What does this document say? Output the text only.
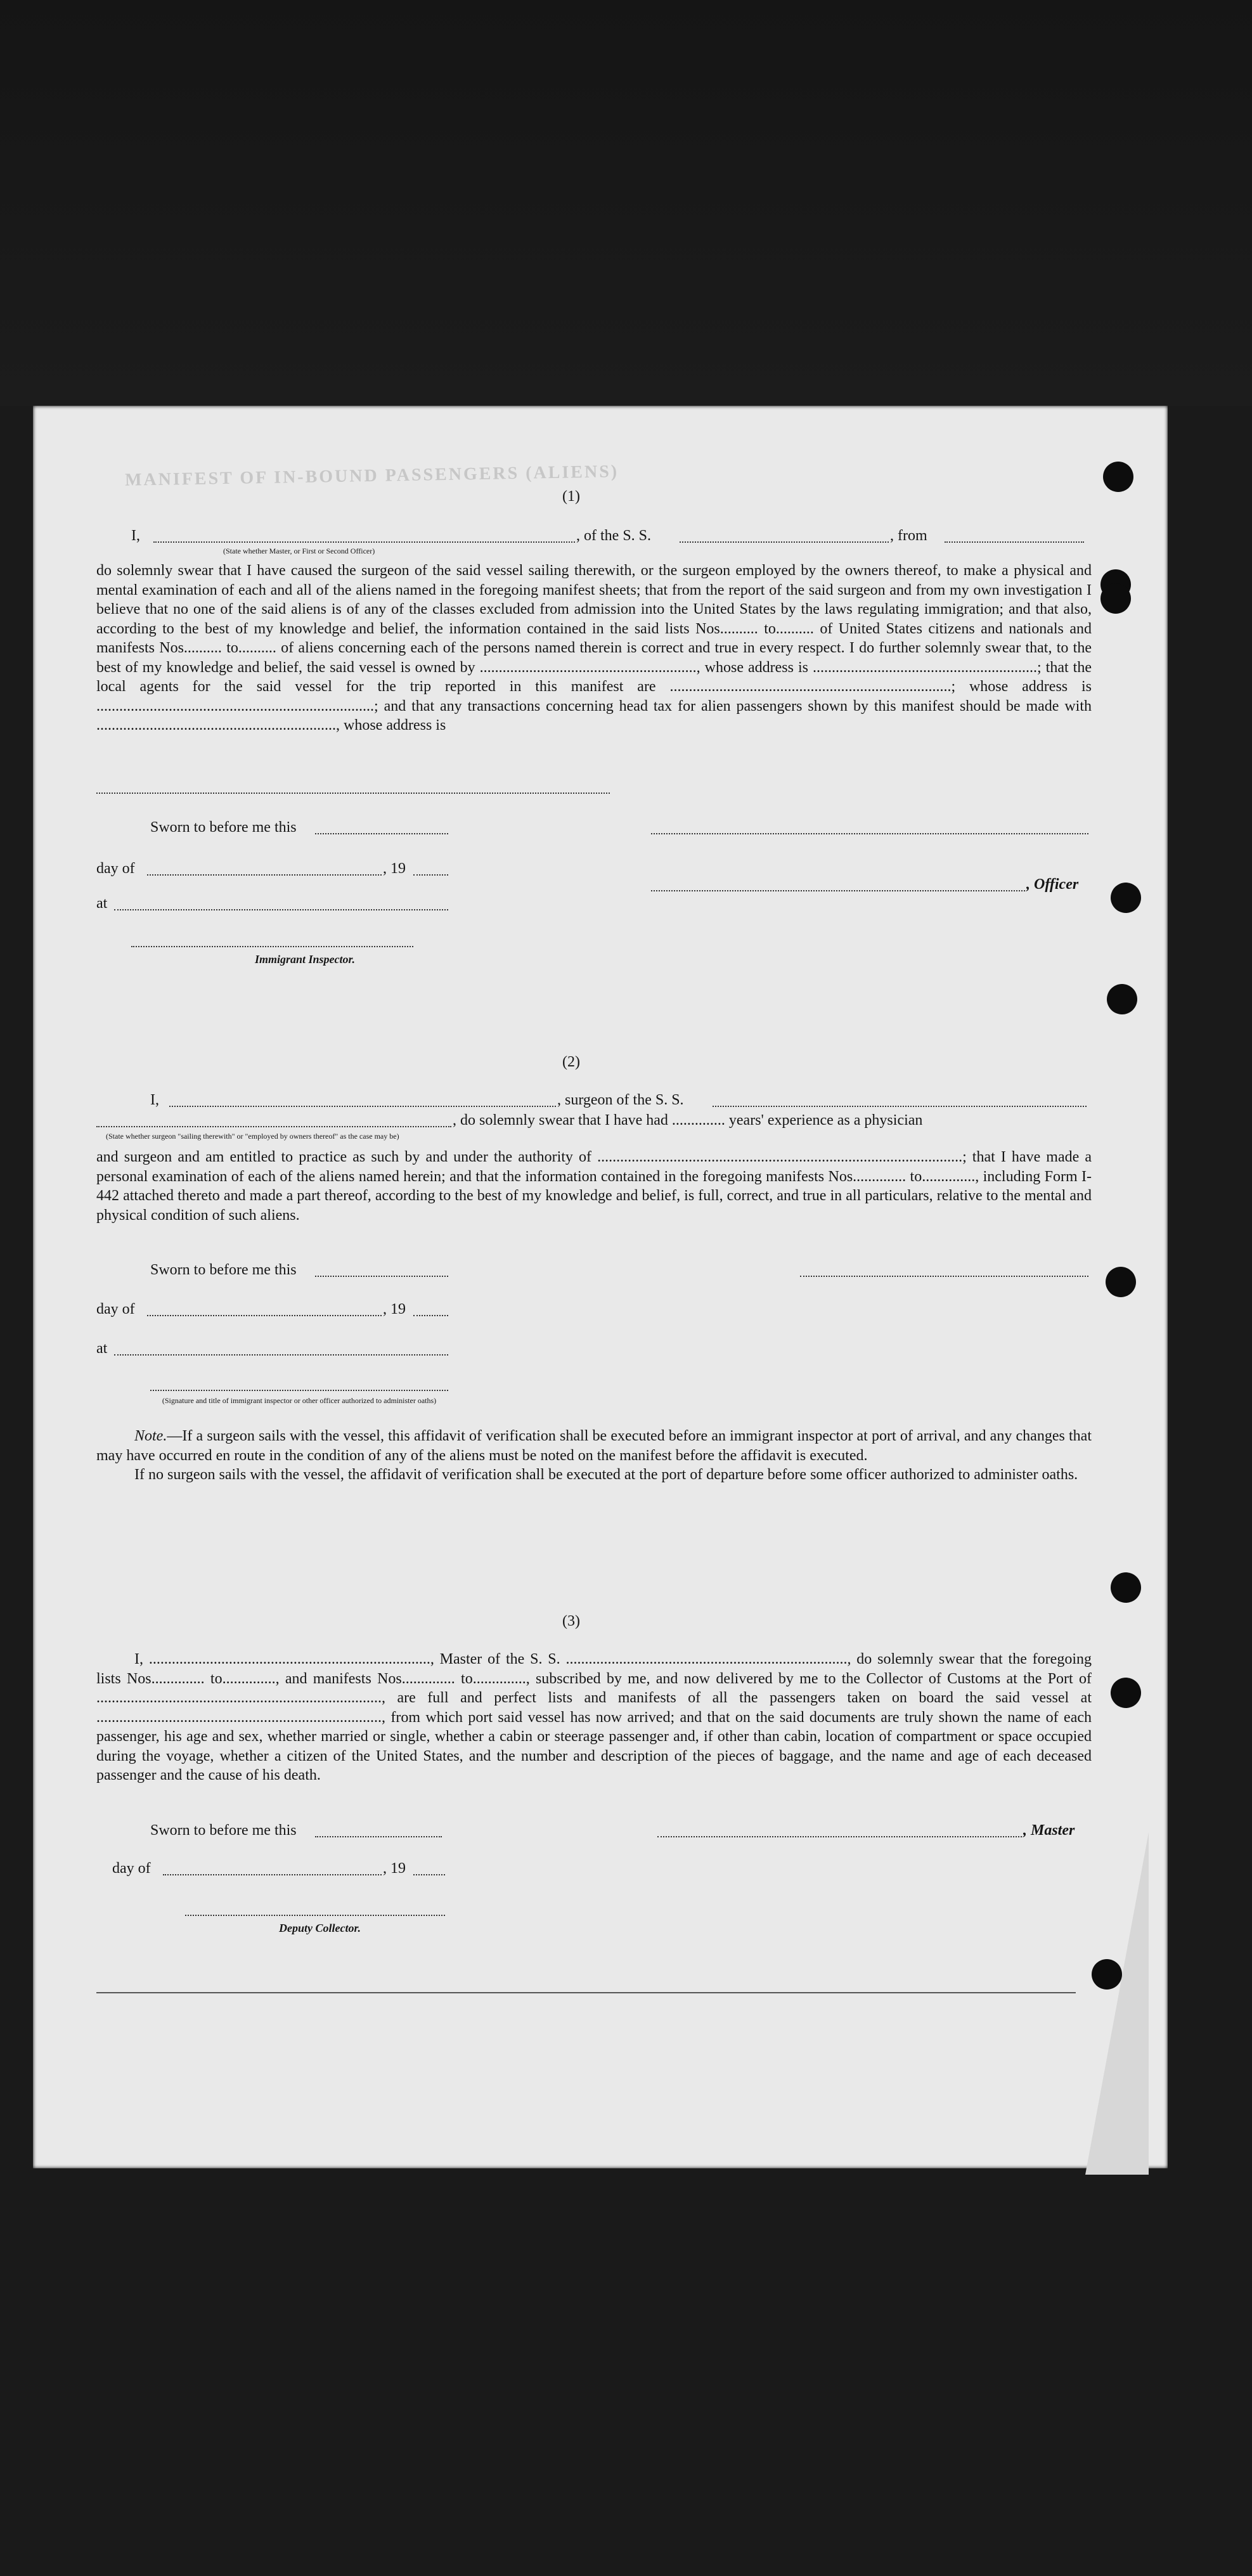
MANIFEST OF IN-BOUND PASSENGERS (ALIENS)
(1)
I,	, of the S. S.	, from
(State whether Master, or First or Second Officer)

do solemnly swear that I have caused the surgeon of the said vessel sailing therewith, or the surgeon employed by the owners thereof, to make a physical and mental examination of each and all of the aliens named in the foregoing manifest sheets; that from the report of the said surgeon and from my own investigation I believe that no one of the said aliens is of any of the classes excluded from admission into the United States by the laws regulating immigration; and that also, according to the best of my knowledge and belief, the information contained in the said lists Nos.......... to.......... of United States citizens and nationals and manifests Nos.......... to.......... of aliens concerning each of the persons named therein is correct and true in every respect. I do further solemnly swear that, to the best of my knowledge and belief, the said vessel is owned by ........................................................., whose address is ...........................................................; that the local agents for the said vessel for the trip reported in this manifest are ..........................................................................; whose address is .........................................................................; and that any transactions concerning head tax for alien passengers shown by this manifest should be made with ..............................................................., whose address is

Sworn to before me this
day of	, 19
, Officer
at
Immigrant Inspector.
(2)
I,	, surgeon of the S. S.
, do solemnly swear that I have had .............. years' experience as a physician
(State whether surgeon "sailing therewith" or "employed by owners thereof" as the case may be)

and surgeon and am entitled to practice as such by and under the authority of ................................................................................................; that I have made a personal examination of each of the aliens named herein; and that the information contained in the foregoing manifests Nos.............. to.............., including Form I-442 attached thereto and made a part thereof, according to the best of my knowledge and belief, is full, correct, and true in all particulars, relative to the mental and physical condition of such aliens.

Sworn to before me this
day of	, 19
at
(Signature and title of immigrant inspector or other officer authorized to administer oaths)

Note.—If a surgeon sails with the vessel, this affidavit of verification shall be executed before an immigrant inspector at port of arrival, and any changes that may have occurred en route in the condition of any of the aliens must be noted on the manifest before the affidavit is executed.

If no surgeon sails with the vessel, the affidavit of verification shall be executed at the port of departure before some officer authorized to administer oaths.

(3)

I, .........................................................................., Master of the S. S. .........................................................................., do solemnly swear that the foregoing lists Nos.............. to.............., and manifests Nos.............. to.............., subscribed by me, and now delivered by me to the Collector of Customs at the Port of ..........................................................................., are full and perfect lists and manifests of all the passengers taken on board the said vessel at ..........................................................................., from which port said vessel has now arrived; and that on the said documents are truly shown the name of each passenger, his age and sex, whether married or single, whether a cabin or steerage passenger and, if other than cabin, location of compartment or space occupied during the voyage, whether a citizen of the United States, and the number and description of the pieces of baggage, and the name and age of each deceased passenger and the cause of his death.

Sworn to before me this	, Master
day of	, 19
Deputy Collector.
